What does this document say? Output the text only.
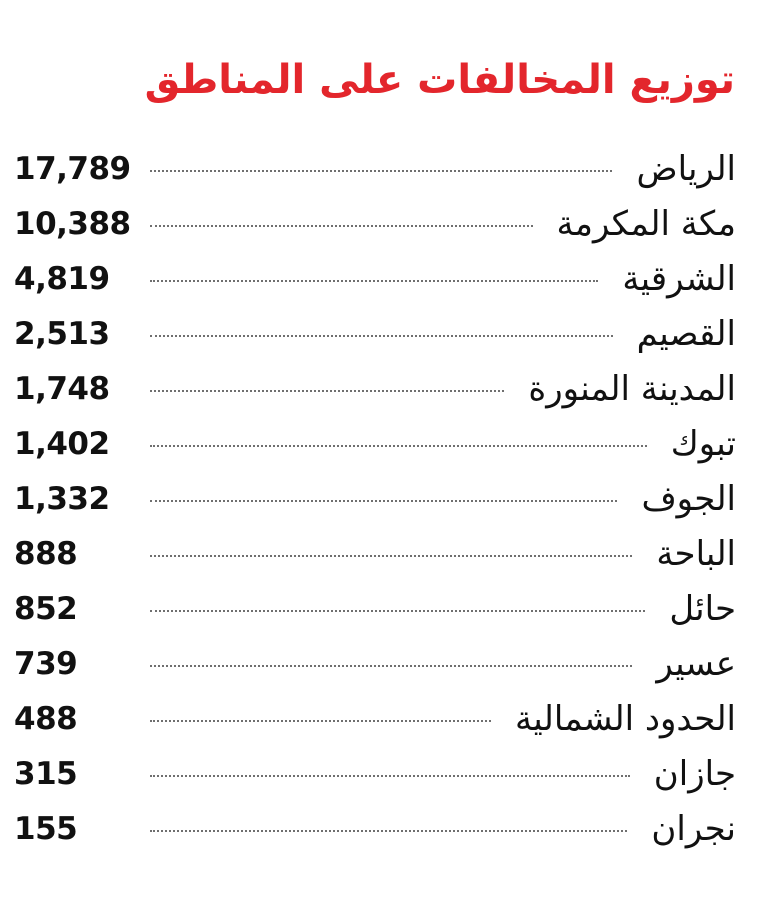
توزيع المخالفات على المناطق
الرياض
17,789
مكة المكرمة
10,388
الشرقية
4,819
القصيم
2,513
المدينة المنورة
1,748
تبوك
1,402
الجوف
1,332
الباحة
888
حائل
852
عسير
739
الحدود الشمالية
488
جازان
315
نجران
155
